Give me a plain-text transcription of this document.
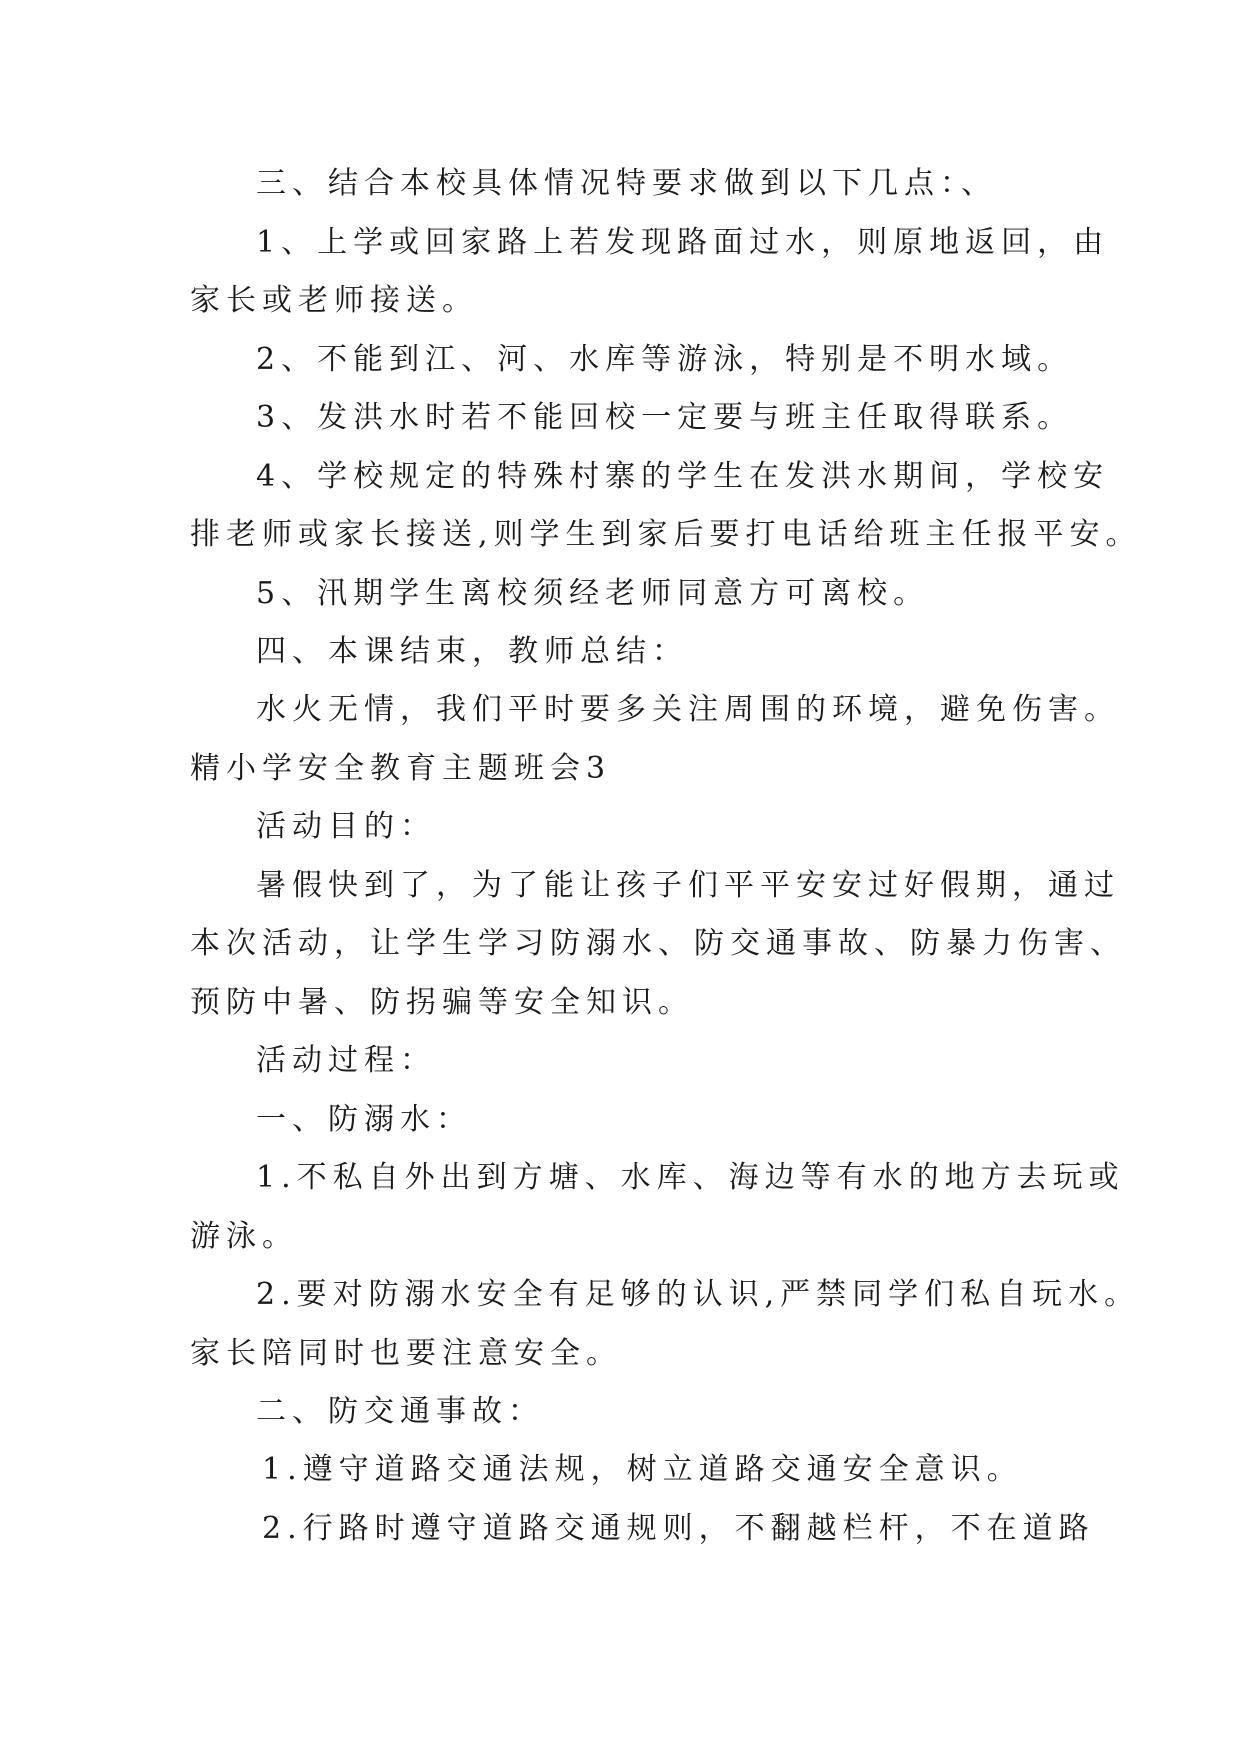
三、结合本校具体情况特要求做到以下几点：、
1、上学或回家路上若发现路面过水，则原地返回，由
家长或老师接送。
2、不能到江、河、水库等游泳，特别是不明水域。
3、发洪水时若不能回校一定要与班主任取得联系。
4、学校规定的特殊村寨的学生在发洪水期间，学校安
排老师或家长接送,则学生到家后要打电话给班主任报平安。
5、汛期学生离校须经老师同意方可离校。
四、本课结束，教师总结：
水火无情，我们平时要多关注周围的环境，避免伤害。
精小学安全教育主题班会3
活动目的：
暑假快到了，为了能让孩子们平平安安过好假期，通过
本次活动，让学生学习防溺水、防交通事故、防暴力伤害、
预防中暑、防拐骗等安全知识。
活动过程：
一、防溺水：
1.不私自外出到方塘、水库、海边等有水的地方去玩或
游泳。
2.要对防溺水安全有足够的认识,严禁同学们私自玩水。
家长陪同时也要注意安全。
二、防交通事故：
1.遵守道路交通法规，树立道路交通安全意识。
2.行路时遵守道路交通规则，不翻越栏杆，不在道路
